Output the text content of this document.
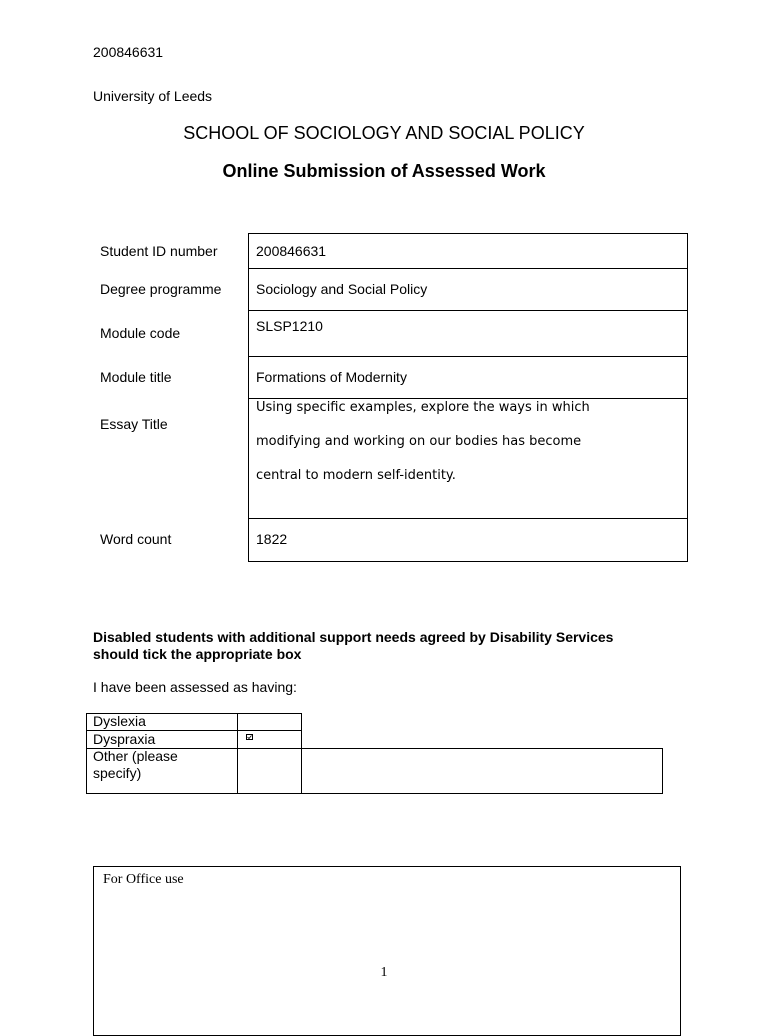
200846631
University of Leeds
SCHOOL OF SOCIOLOGY AND SOCIAL POLICY
Online Submission of Assessed Work
Student ID number
Degree programme
Module code
Module title
Essay Title
Word count
200846631
Sociology and Social Policy
SLSP1210
Formations of Modernity
Using specific examples, explore the ways in which
modifying and working on our bodies has become
central to modern self-identity.
1822
Disabled students with additional support needs agreed by Disability Services
should tick the appropriate box
I have been assessed as having:
Dyslexia
Dyspraxia
Other (please
specify)
For Office use
1
